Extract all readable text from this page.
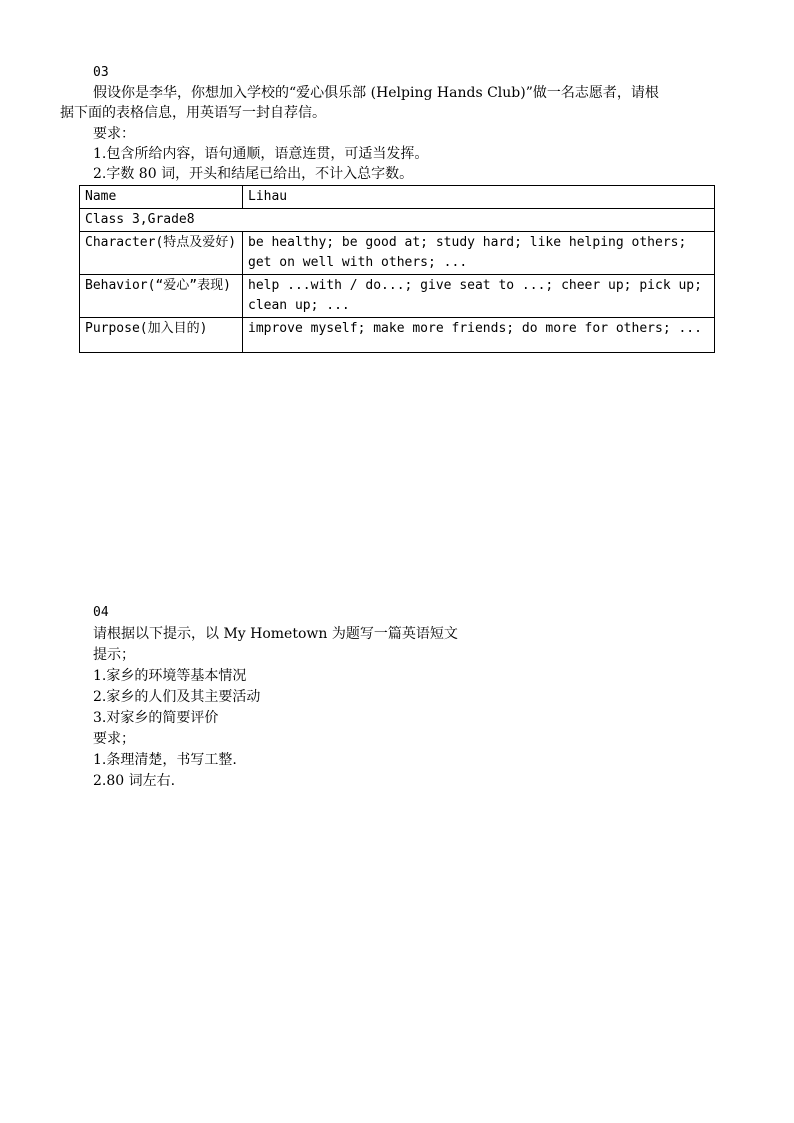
03
假设你是李华，你想加入学校的“爱心俱乐部 (Helping Hands Club)”做一名志愿者，请根
据下面的表格信息，用英语写一封自荐信。
要求：
1.包含所给内容，语句通顺，语意连贯，可适当发挥。
2.字数 80 词，开头和结尾已给出，不计入总字数。
Name	Lihau
Class 3,Grade8	
Character(特点及爱好)	be healthy; be good at; study hard; like helping others; get on well with others; ...
Behavior(“爱心”表现)	help ...with / do...; give seat to ...; cheer up; pick up; clean up; ...
Purpose(加入目的)	improve myself; make more friends; do more for others; ...
04
请根据以下提示，以 My Hometown 为题写一篇英语短文
提示；
1.家乡的环境等基本情况
2.家乡的人们及其主要活动
3.对家乡的简要评价
要求；
1.条理清楚，书写工整.
2.80 词左右.
